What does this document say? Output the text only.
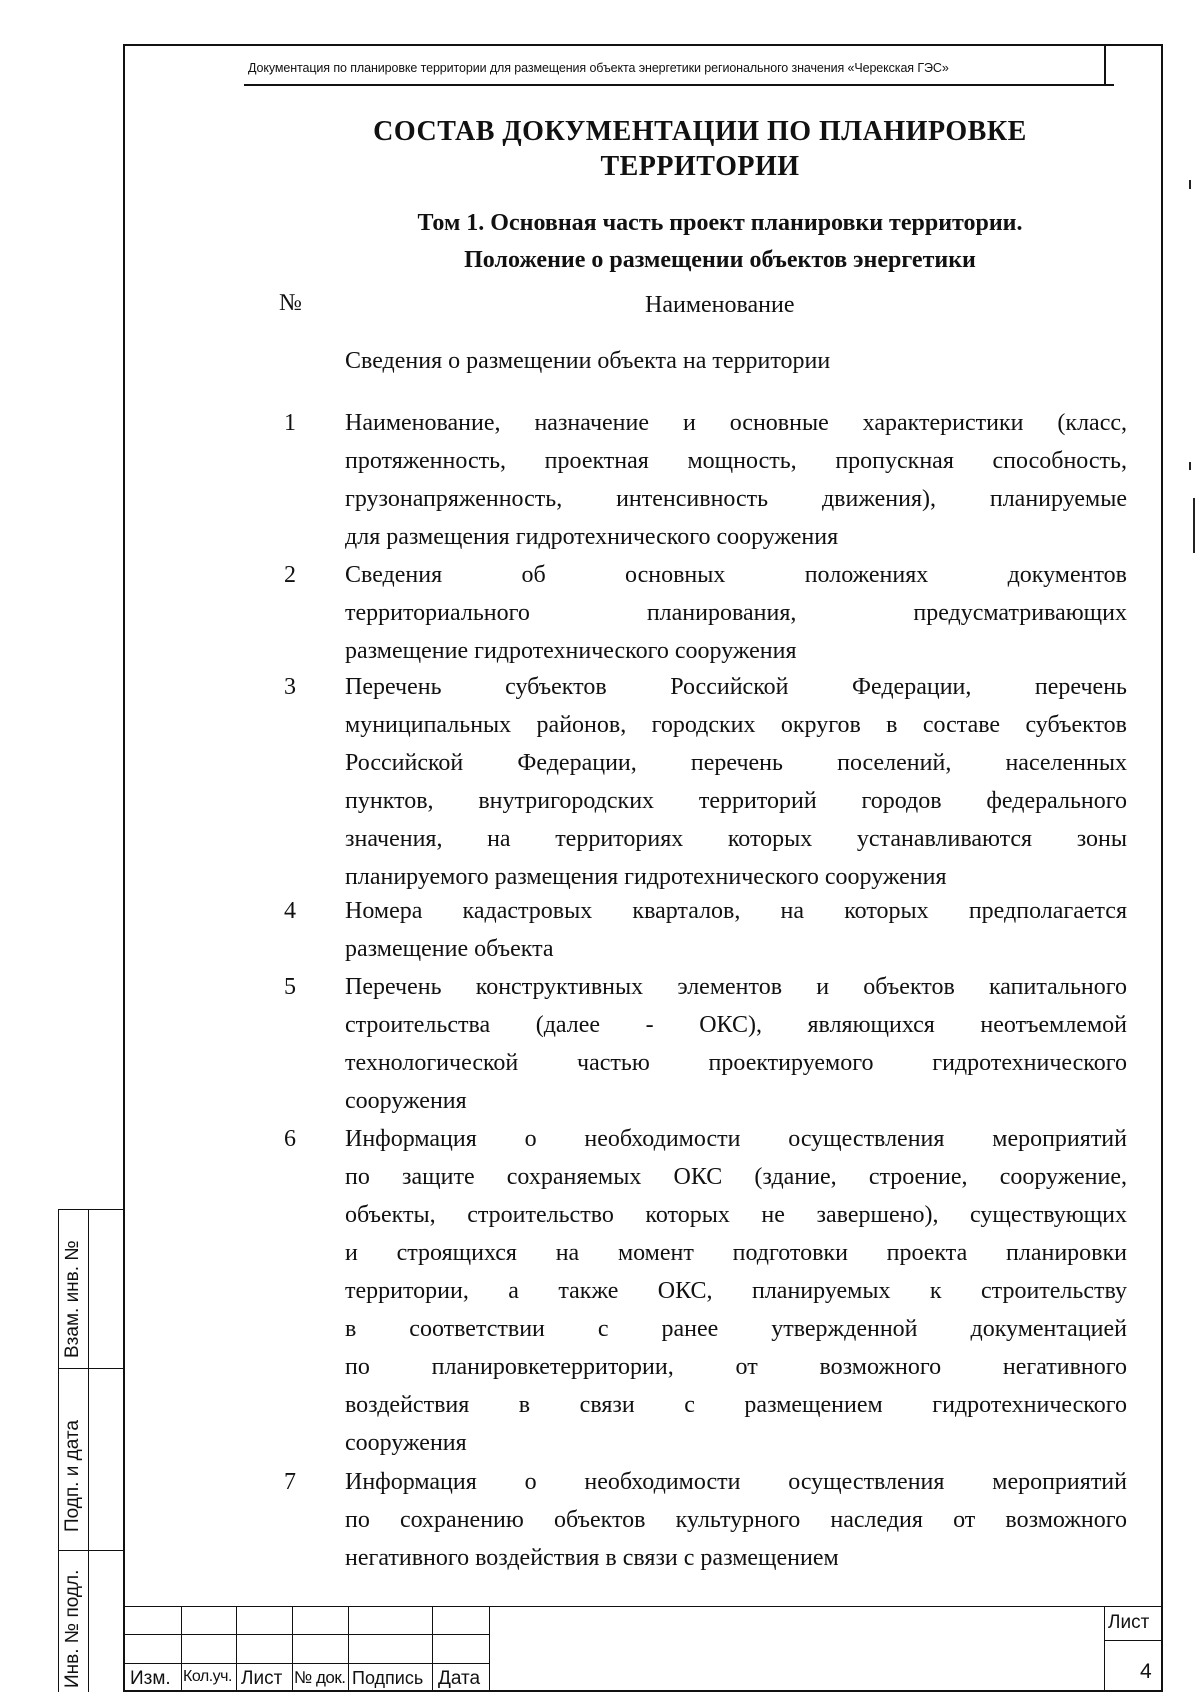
Документация по планировке территории для размещения объекта энергетики регионального значения «Черекская ГЭС»
СОСТАВ ДОКУМЕНТАЦИИ ПО ПЛАНИРОВКЕ
ТЕРРИТОРИИ
Том 1. Основная часть проект планировки территории.
Положение о размещении объектов энергетики
№	Наименование
Сведения о размещении объекта на территории
1 Наименование, назначение и основные характеристики (класс,
протяженность, проектная мощность, пропускная способность,
грузонапряженность, интенсивность движения), планируемые
для размещения гидротехнического сооружения
2 Сведения об основных положениях документов
территориального планирования, предусматривающих
размещение гидротехнического сооружения
3 Перечень субъектов Российской Федерации, перечень
муниципальных районов, городских округов в составе субъектов
Российской Федерации, перечень поселений, населенных
пунктов, внутригородских территорий городов федерального
значения, на территориях которых устанавливаются зоны
планируемого размещения гидротехнического сооружения
4 Номера кадастровых кварталов, на которых предполагается
размещение объекта
5 Перечень конструктивных элементов и объектов капитального
строительства (далее - ОКС), являющихся неотъемлемой
технологической частью проектируемого гидротехнического
сооружения
6 Информация о необходимости осуществления мероприятий
по защите сохраняемых ОКС (здание, строение, сооружение,
объекты, строительство которых не завершено), существующих
и строящихся на момент подготовки проекта планировки
территории, а также ОКС, планируемых к строительству
в соответствии с ранее утвержденной документацией
по планировкетерритории, от возможного негативного
воздействия в связи с размещением гидротехнического
сооружения
7 Информация о необходимости осуществления мероприятий
по сохранению объектов культурного наследия от возможного
негативного воздействия в связи с размещением
Изм. Кол.уч. Лист № док. Подпись Дата
Лист
4
Взам. инв. №
Подп. и дата
Инв. № подл.
